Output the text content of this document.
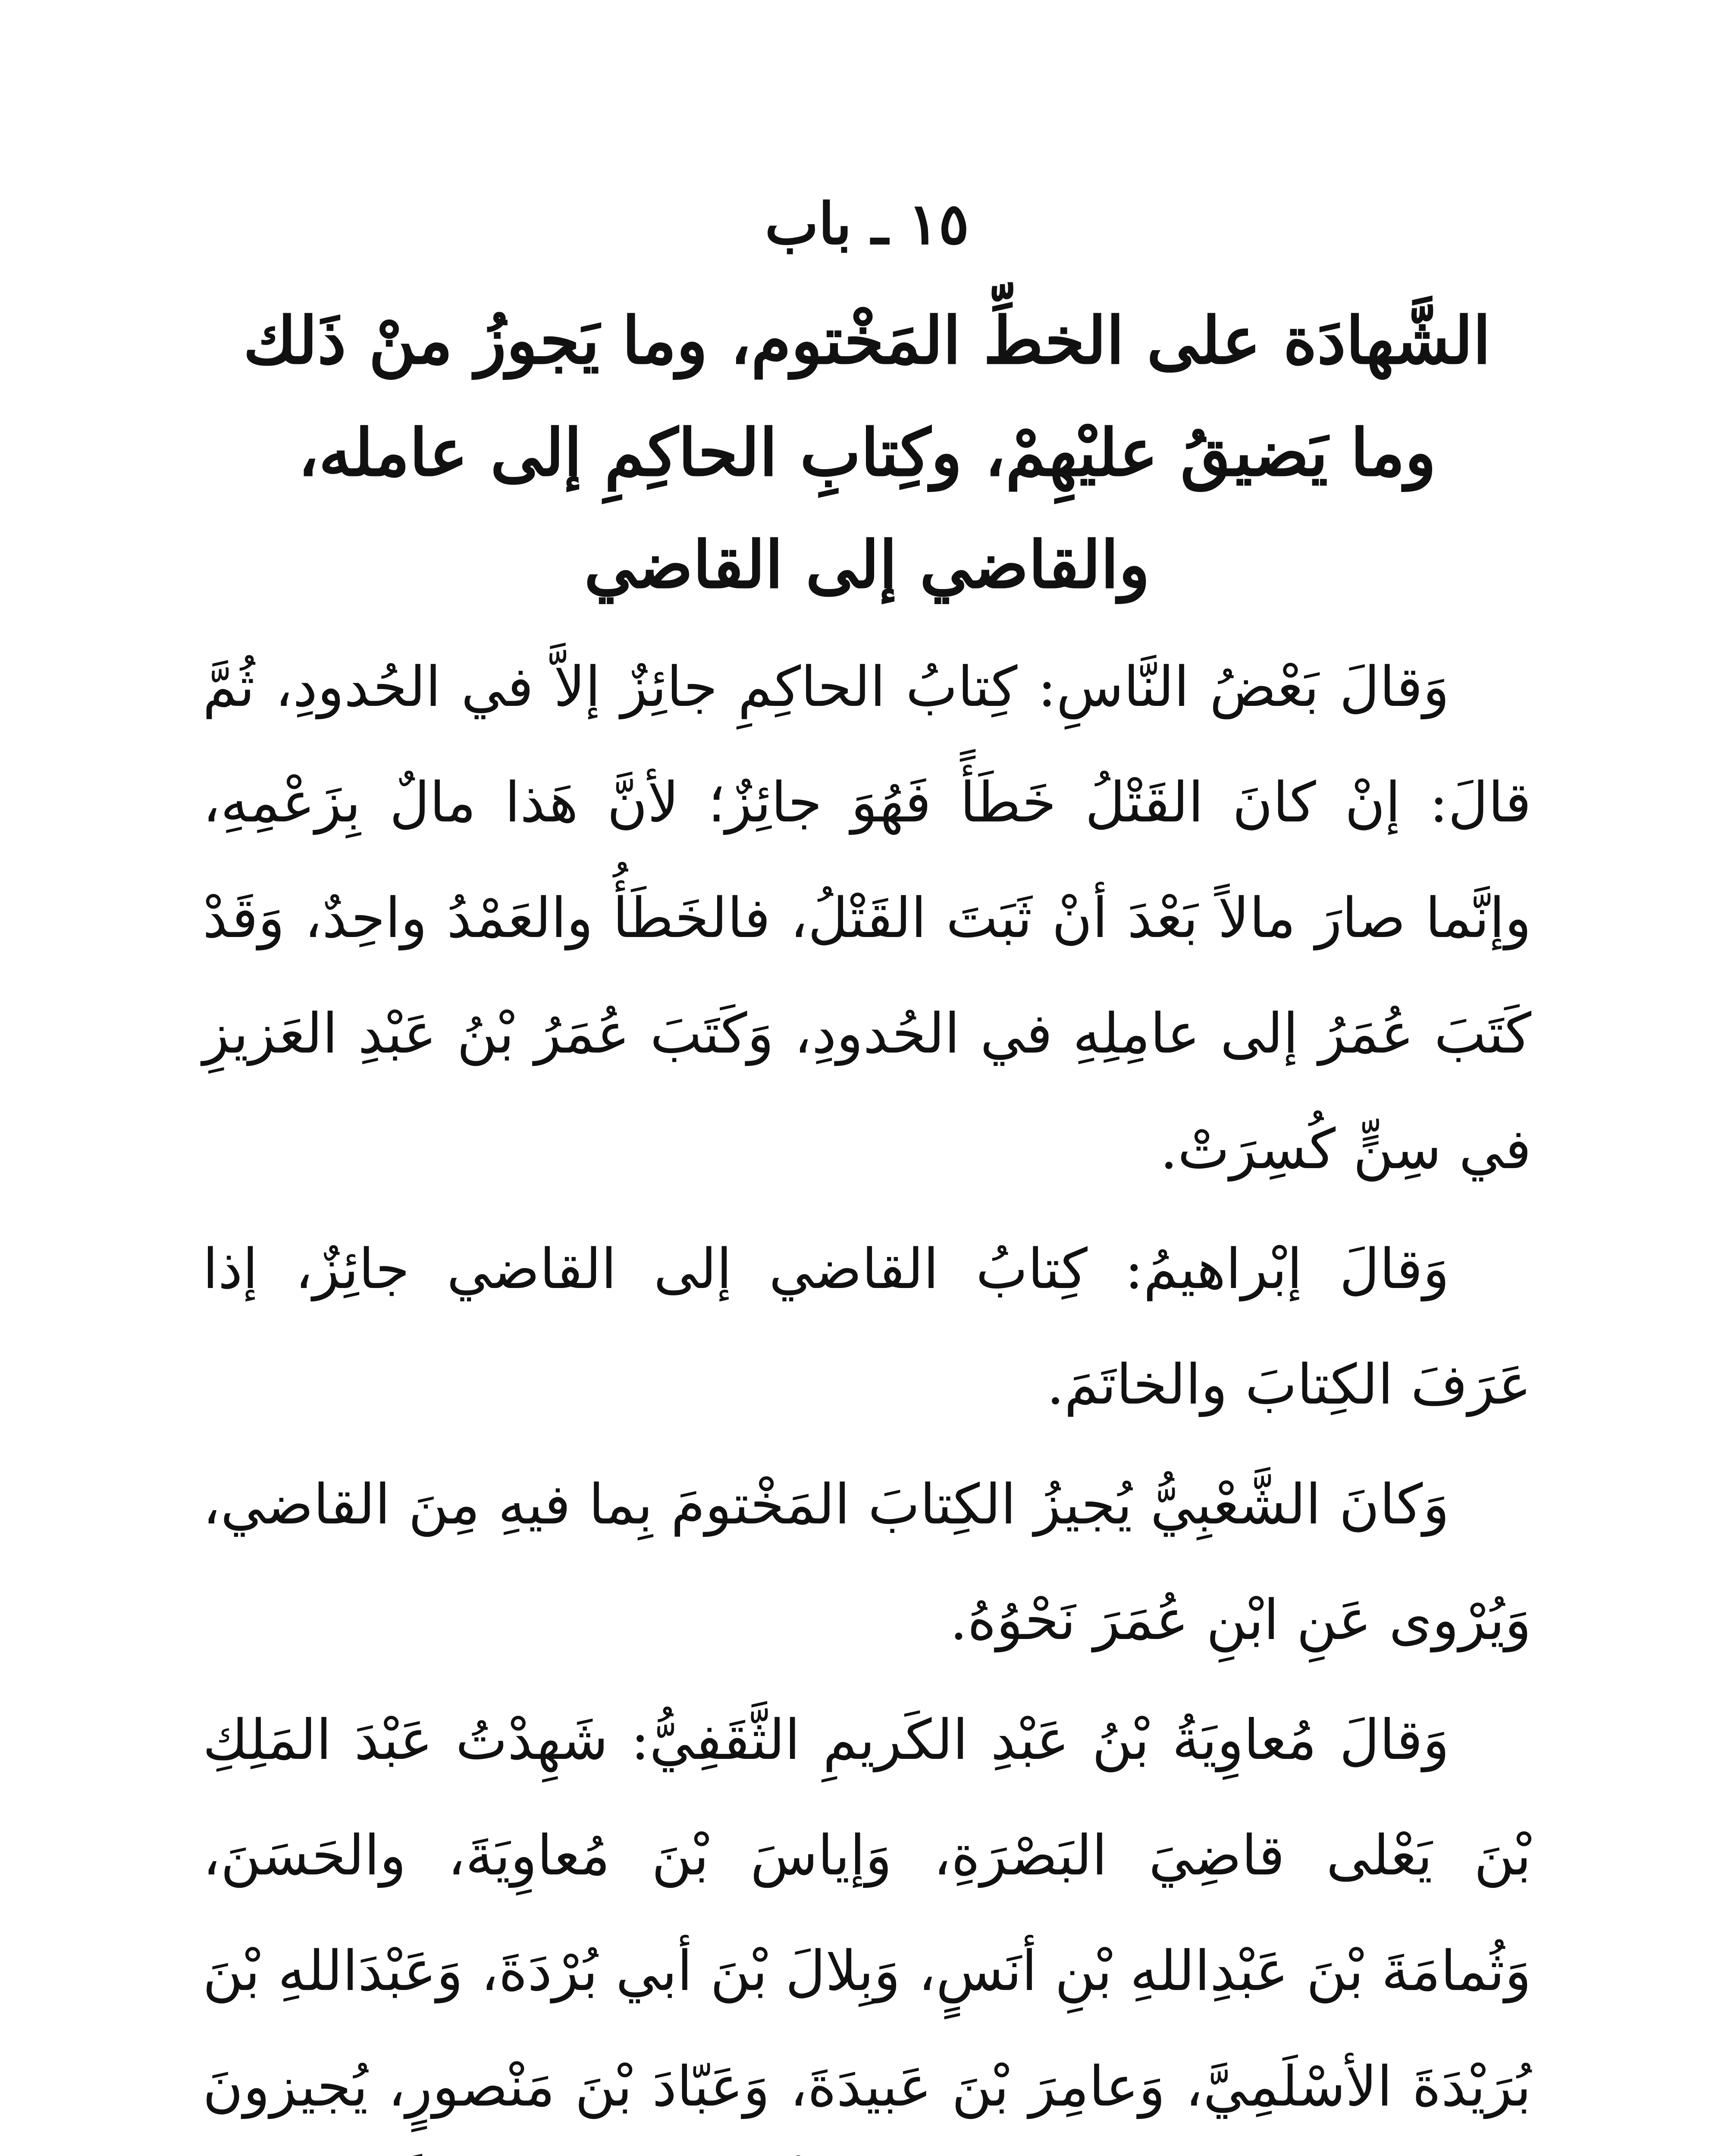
١٥ ـ باب
الشَّهادَة على الخطِّ المَخْتوم، وما يَجوزُ منْ ذَلك
وما يَضيقُ عليْهِمْ، وكِتابِ الحاكِمِ إلى عامله،
والقاضي إلى القاضي

وَقالَ بَعْضُ النَّاسِ: كِتابُ الحاكِمِ جائِزٌ إلاَّ في الحُدودِ، ثُمَّ قالَ: إنْ كانَ القَتْلُ خَطَأً فَهُوَ جائِزٌ؛ لأنَّ هَذا مالٌ بِزَعْمِهِ، وإنَّما صارَ مالاً بَعْدَ أنْ ثَبَتَ القَتْلُ، فالخَطَأُ والعَمْدُ واحِدٌ، وَقَدْ كَتَبَ عُمَرُ إلى عامِلِهِ في الحُدودِ، وَكَتَبَ عُمَرُ بْنُ عَبْدِ العَزيزِ في سِنٍّ كُسِرَتْ.

وَقالَ إبْراهيمُ: كِتابُ القاضي إلى القاضي جائِزٌ، إذا عَرَفَ الكِتابَ والخاتَمَ.

وَكانَ الشَّعْبِيُّ يُجيزُ الكِتابَ المَخْتومَ بِما فيهِ مِنَ القاضي، وَيُرْوى عَنِ ابْنِ عُمَرَ نَحْوُهُ.

وَقالَ مُعاوِيَةُ بْنُ عَبْدِ الكَريمِ الثَّقَفِيُّ: شَهِدْتُ عَبْدَ المَلِكِ بْنَ يَعْلى قاضِيَ البَصْرَةِ، وَإياسَ بْنَ مُعاوِيَةَ، والحَسَنَ، وَثُمامَةَ بْنَ عَبْدِاللهِ بْنِ أنَسٍ، وَبِلالَ بْنَ أبي بُرْدَةَ، وَعَبْدَاللهِ بْنَ بُرَيْدَةَ الأسْلَمِيَّ، وَعامِرَ بْنَ عَبيدَةَ، وَعَبّادَ بْنَ مَنْصورٍ، يُجيزونَ
